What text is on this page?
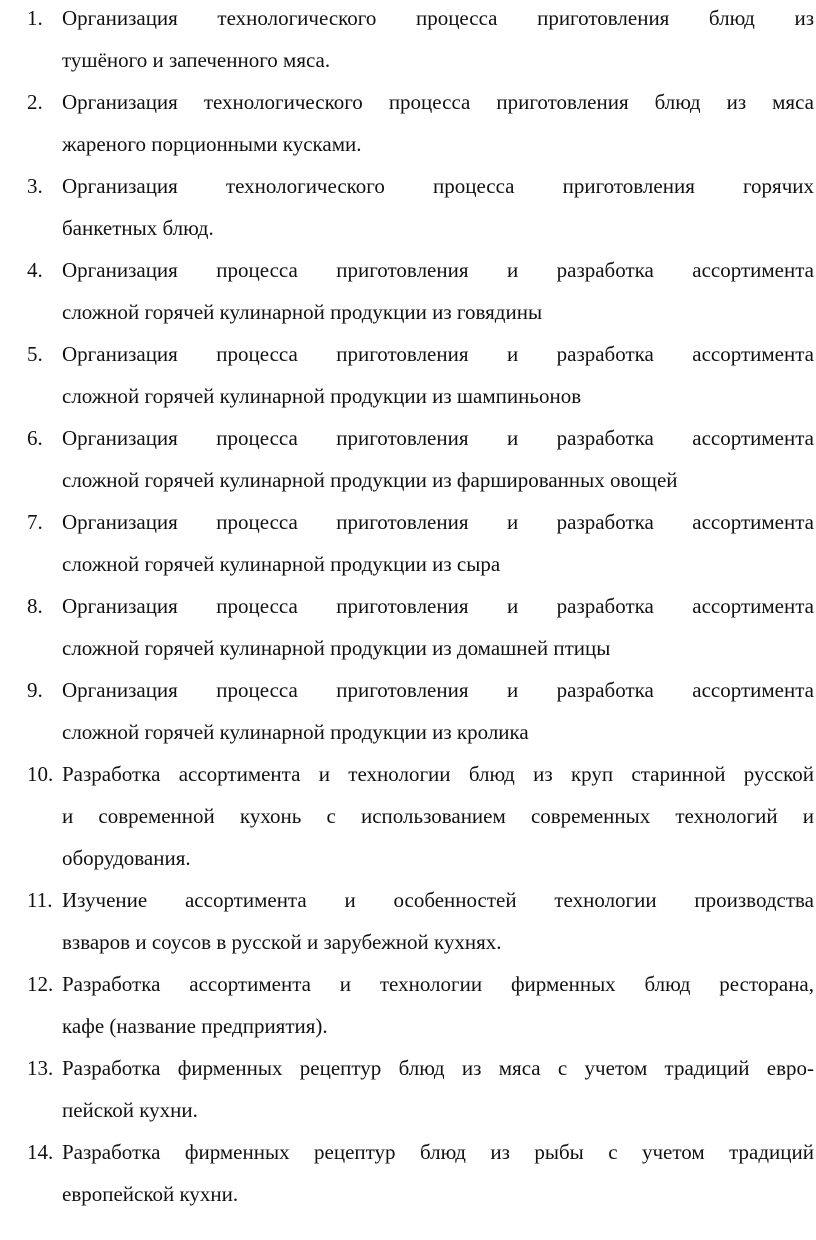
1. Организация технологического процесса приготовления блюд из
тушёного и запеченного мяса.
2. Организация технологического процесса приготовления блюд из мяса
жареного порционными кусками.
3. Организация технологического процесса приготовления горячих
банкетных блюд.
4. Организация процесса приготовления и разработка ассортимента
сложной горячей кулинарной продукции из говядины
5. Организация процесса приготовления и разработка ассортимента
сложной горячей кулинарной продукции из шампиньонов
6. Организация процесса приготовления и разработка ассортимента
сложной горячей кулинарной продукции из фаршированных овощей
7. Организация процесса приготовления и разработка ассортимента
сложной горячей кулинарной продукции из сыра
8. Организация процесса приготовления и разработка ассортимента
сложной горячей кулинарной продукции из домашней птицы
9. Организация процесса приготовления и разработка ассортимента
сложной горячей кулинарной продукции из кролика
10. Разработка ассортимента и технологии блюд из круп старинной русской
и современной кухонь с использованием современных технологий и
оборудования.
11. Изучение ассортимента и особенностей технологии производства
взваров и соусов в русской и зарубежной кухнях.
12. Разработка ассортимента и технологии фирменных блюд ресторана,
кафе (название предприятия).
13. Разработка фирменных рецептур блюд из мяса с учетом традиций евро-
пейской кухни.
14. Разработка фирменных рецептур блюд из рыбы с учетом традиций
европейской кухни.
